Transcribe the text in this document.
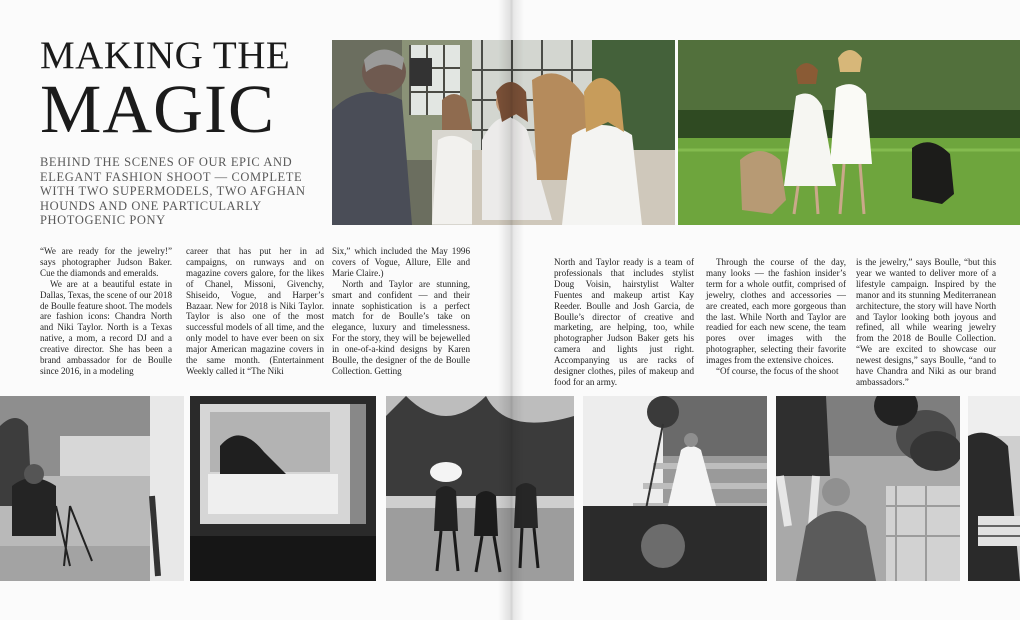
MAKING THE
MAGIC
BEHIND THE SCENES OF OUR EPIC AND ELEGANT FASHION SHOOT — COMPLETE WITH TWO SUPERMODELS, TWO AFGHAN HOUNDS AND ONE PARTICULARLY PHOTOGENIC PONY

“We are ready for the jewelry!” says photographer Judson Baker. Cue the diamonds and emeralds.

We are at a beautiful estate in Dallas, Texas, the scene of our 2018 de Boulle feature shoot. The models are fashion icons: Chandra North and Niki Taylor. North is a Texas native, a mom, a record DJ and a creative director. She has been a brand ambassador for de Boulle since 2016, in a modeling

career that has put her in ad campaigns, on runways and on magazine covers galore, for the likes of Chanel, Missoni, Givenchy, Shiseido, Vogue, and Harper’s Bazaar. New for 2018 is Niki Taylor. Taylor is also one of the most successful models of all time, and the only model to have ever been on six major American magazine covers in the same month. (Entertainment Weekly called it “The Niki

Six,” which included the May 1996 covers of Vogue, Allure, Elle and Marie Claire.)

North and Taylor are stunning, smart and confident — and their innate sophistication is a perfect match for de Boulle’s take on elegance, luxury and timelessness. For the story, they will be bejewelled in one-of-a-kind designs by Karen Boulle, the designer of the de Boulle Collection. Getting

North and Taylor ready is a team of professionals that includes stylist Doug Voisin, hairstylist Walter Fuentes and makeup artist Kay Reeder. Boulle and Josh Garcia, de Boulle’s director of creative and marketing, are helping, too, while photographer Judson Baker gets his camera and lights just right. Accompanying us are racks of designer clothes, piles of makeup and food for an army.

Through the course of the day, many looks — the fashion insider’s term for a whole outfit, comprised of jewelry, clothes and accessories — are created, each more gorgeous than the last. While North and Taylor are readied for each new scene, the team pores over images with the photographer, selecting their favorite images from the extensive choices.

“Of course, the focus of the shoot

is the jewelry,” says Boulle, “but this year we wanted to deliver more of a lifestyle campaign. Inspired by the manor and its stunning Mediterranean architecture, the story will have North and Taylor looking both joyous and refined, all while wearing jewelry from the 2018 de Boulle Collection. “We are excited to showcase our newest designs,” says Boulle, “and to have Chandra and Niki as our brand ambassadors.”
